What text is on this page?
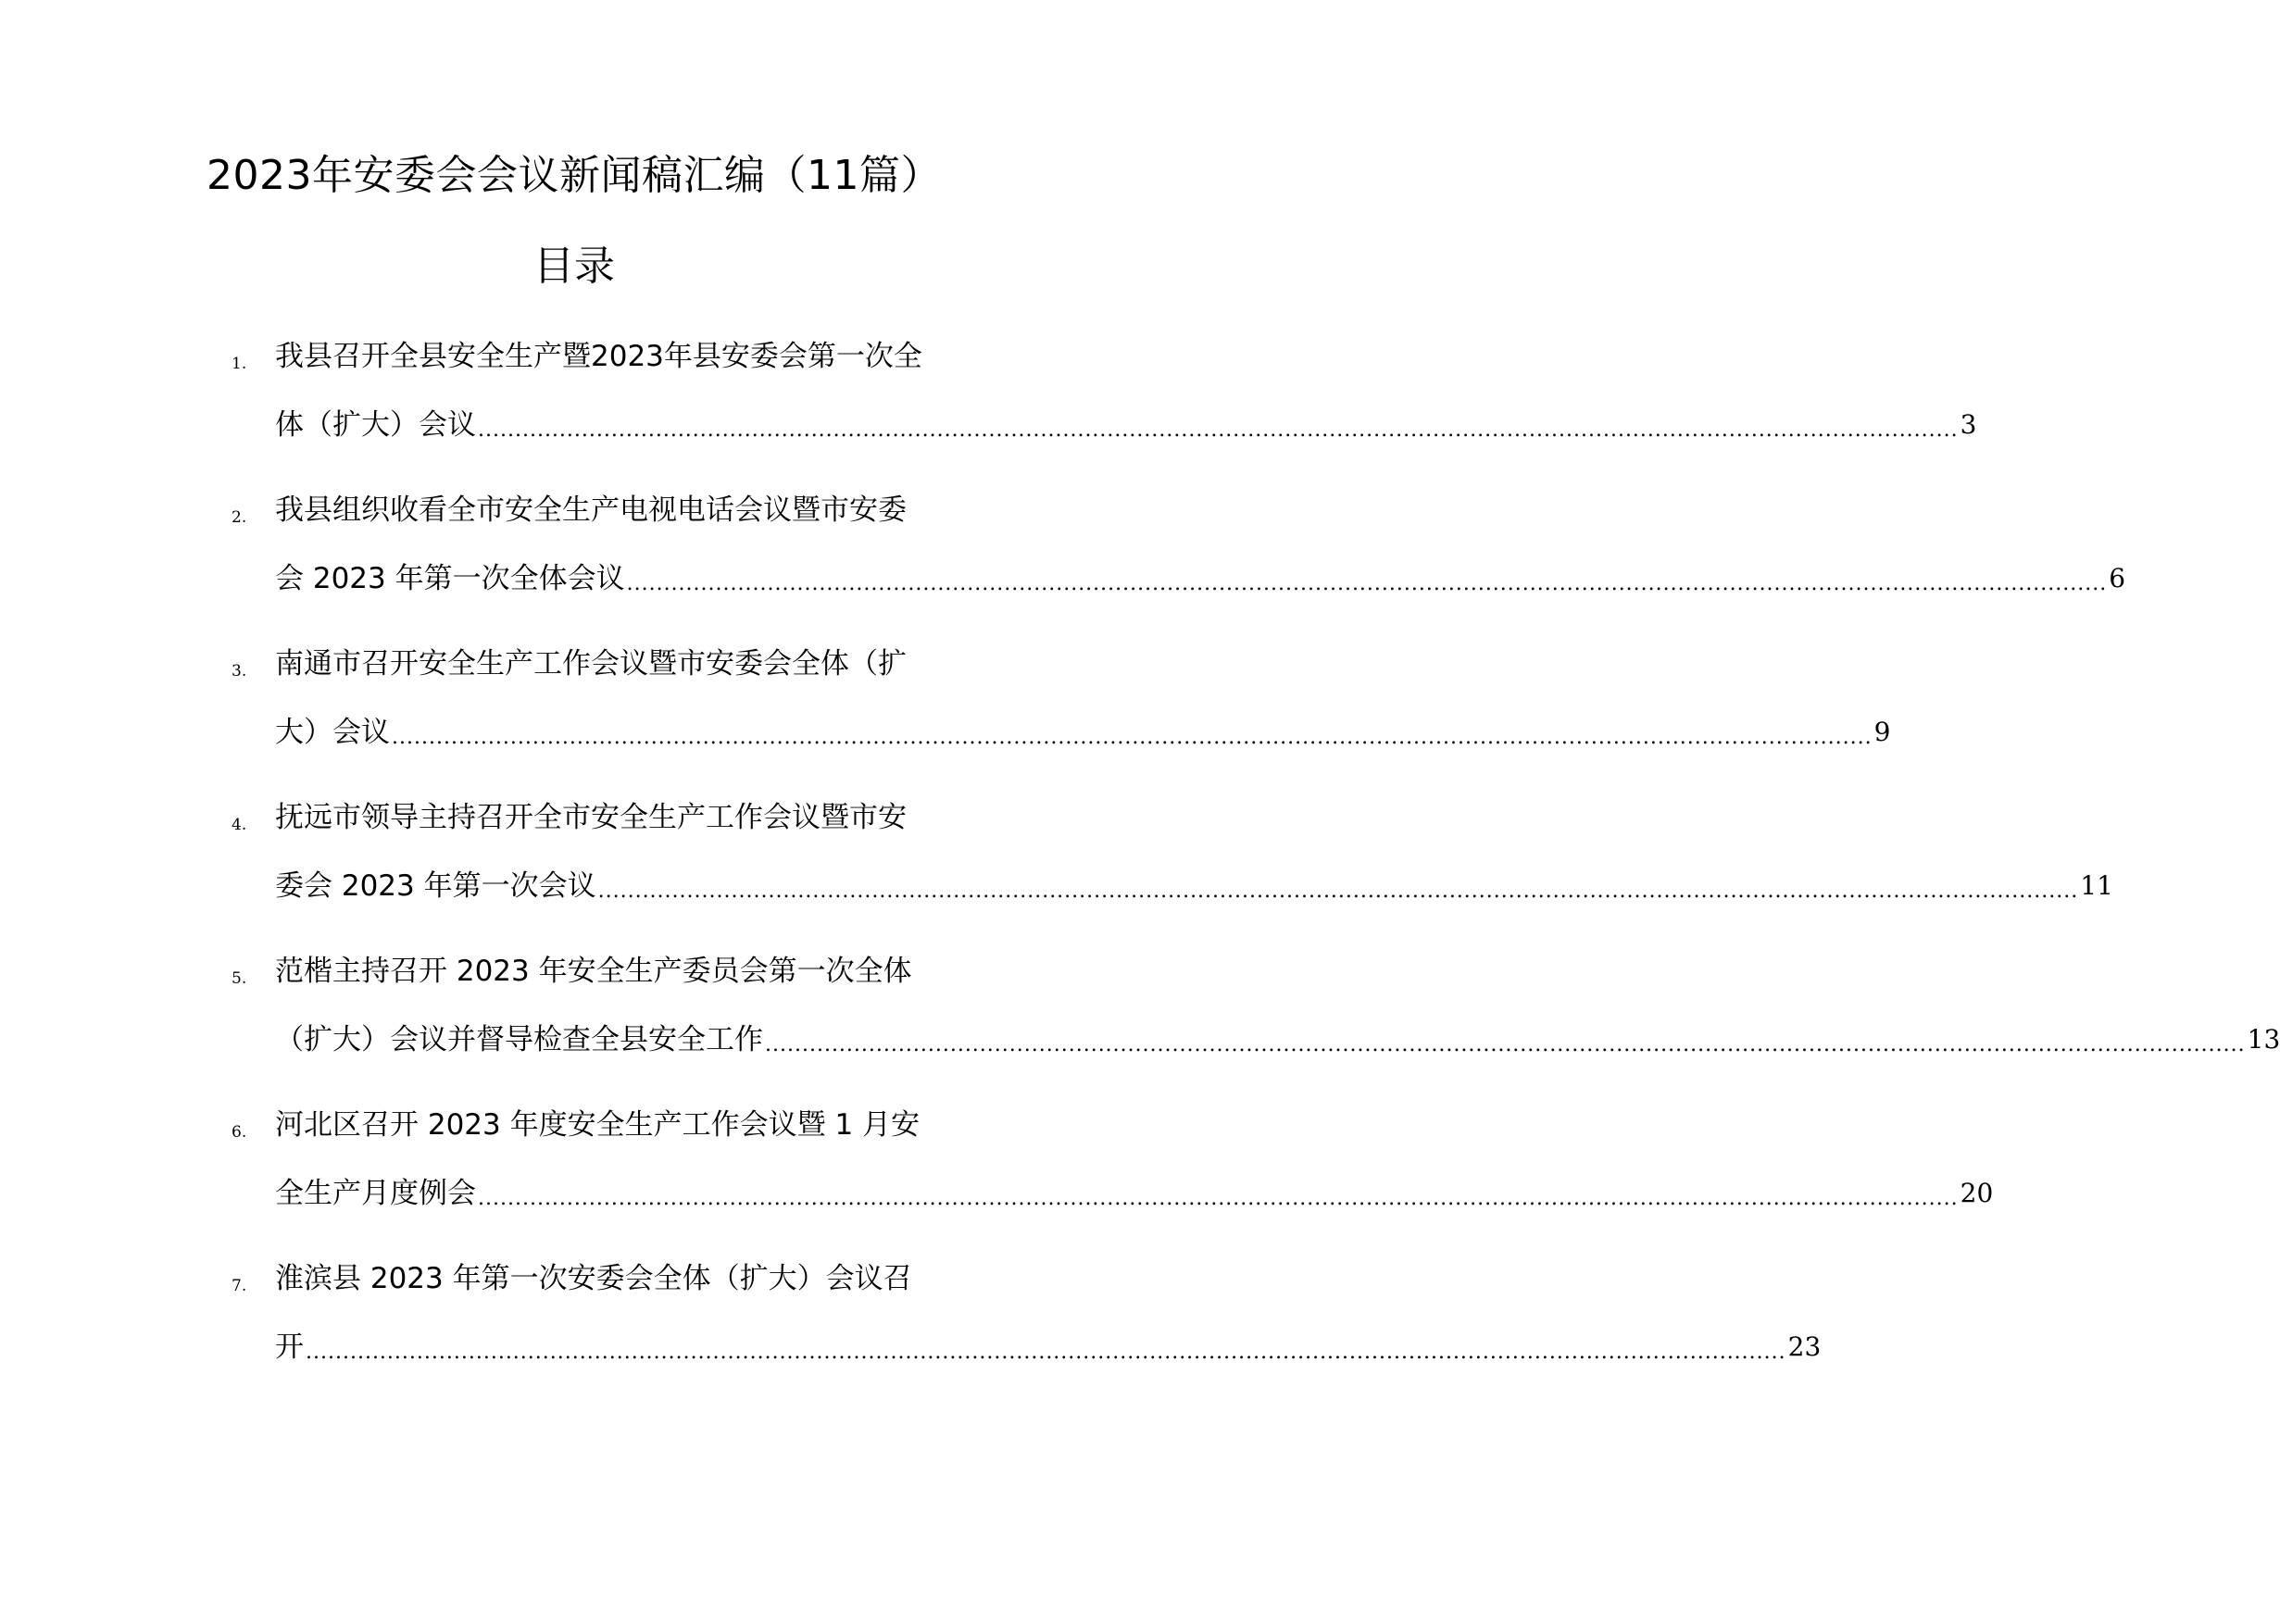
2023年安委会会议新闻稿汇编（11篇）
目录
1. 我县召开全县安全生产暨2023年县安委会第一次全
体（扩大）会议 ........................................................................................................................................................................................................ 3
2. 我县组织收看全市安全生产电视电话会议暨市安委
会 2023 年第一次全体会议 ........................................................................................................................................................................................................ 6
3. 南通市召开安全生产工作会议暨市安委会全体（扩
大）会议 ........................................................................................................................................................................................................ 9
4. 抚远市领导主持召开全市安全生产工作会议暨市安
委会 2023 年第一次会议 ........................................................................................................................................................................................................ 11
5. 范楷主持召开 2023 年安全生产委员会第一次全体
（扩大）会议并督导检查全县安全工作 ........................................................................................................................................................................................................ 13
6. 河北区召开 2023 年度安全生产工作会议暨 1 月安
全生产月度例会 ........................................................................................................................................................................................................ 20
7. 淮滨县 2023 年第一次安委会全体（扩大）会议召
开 ........................................................................................................................................................................................................ 23
